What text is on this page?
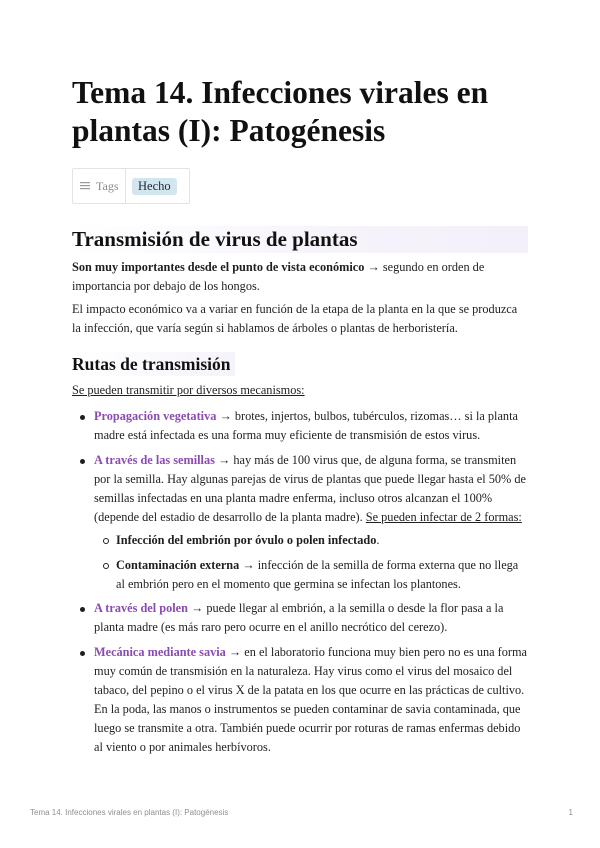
Tema 14. Infecciones virales en plantas (I): Patogénesis
Tags	Hecho
Transmisión de virus de plantas

Son muy importantes desde el punto de vista económico → segundo en orden de importancia por debajo de los hongos.

El impacto económico va a variar en función de la etapa de la planta en la que se produzca la infección, que varía según si hablamos de árboles o plantas de herboristería.

Rutas de transmisión

Se pueden transmitir por diversos mecanismos:

Propagación vegetativa → brotes, injertos, bulbos, tubérculos, rizomas… si la planta madre está infectada es una forma muy eficiente de transmisión de estos virus.
A través de las semillas → hay más de 100 virus que, de alguna forma, se transmiten por la semilla. Hay algunas parejas de virus de plantas que puede llegar hasta el 50% de semillas infectadas en una planta madre enferma, incluso otros alcanzan el 100% (depende del estadio de desarrollo de la planta madre). Se pueden infectar de 2 formas:
Infección del embrión por óvulo o polen infectado.
Contaminación externa → infección de la semilla de forma externa que no llega al embrión pero en el momento que germina se infectan los plantones.
A través del polen → puede llegar al embrión, a la semilla o desde la flor pasa a la planta madre (es más raro pero ocurre en el anillo necrótico del cerezo).
Mecánica mediante savia → en el laboratorio funciona muy bien pero no es una forma muy común de transmisión en la naturaleza. Hay virus como el virus del mosaico del tabaco, del pepino o el virus X de la patata en los que ocurre en las prácticas de cultivo. En la poda, las manos o instrumentos se pueden contaminar de savia contaminada, que luego se transmite a otra. También puede ocurrir por roturas de ramas enfermas debido al viento o por animales herbívoros.
Tema 14. Infecciones virales en plantas (I): Patogénesis	1
